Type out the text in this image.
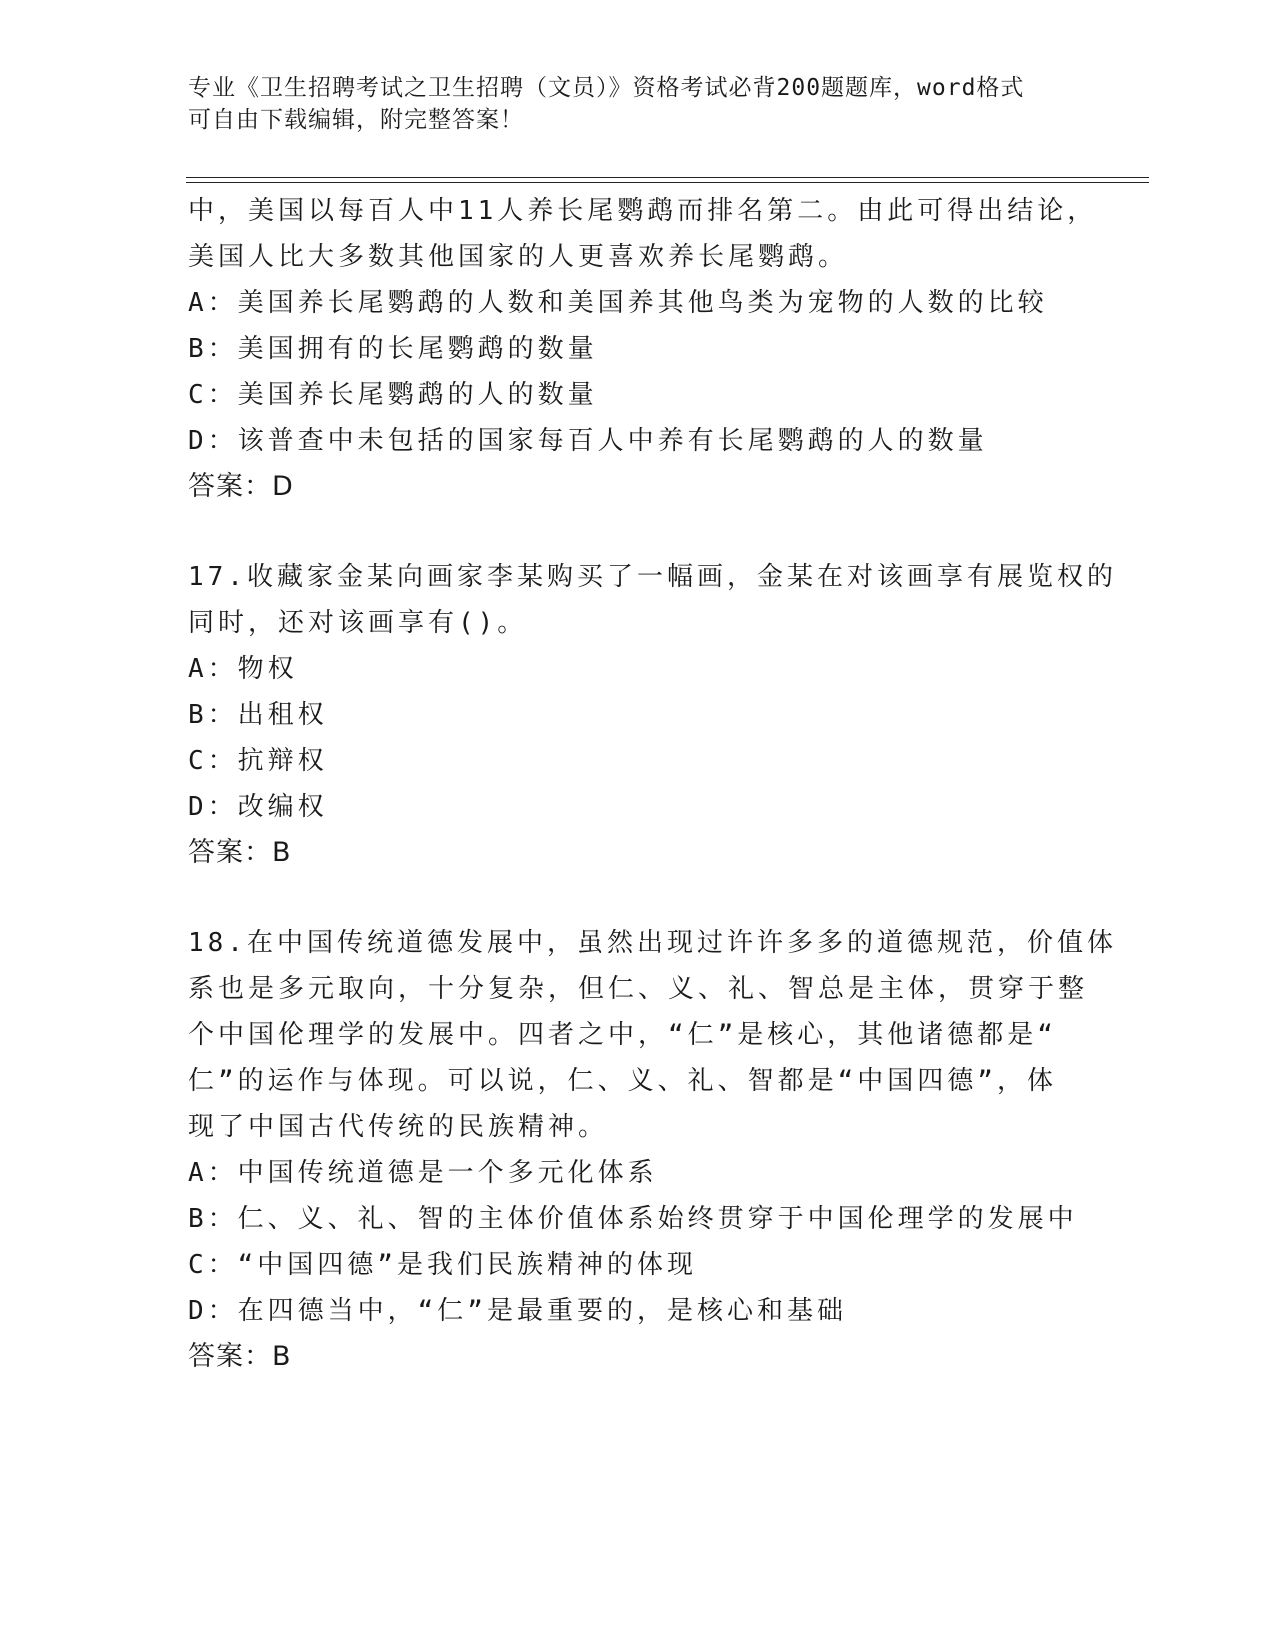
专业《卫生招聘考试之卫生招聘（文员）》资格考试必背200题题库，word格式
可自由下载编辑，附完整答案！
中，美国以每百人中11人养长尾鹦鹉而排名第二。由此可得出结论，
美国人比大多数其他国家的人更喜欢养长尾鹦鹉。
A：美国养长尾鹦鹉的人数和美国养其他鸟类为宠物的人数的比较
B：美国拥有的长尾鹦鹉的数量
C：美国养长尾鹦鹉的人的数量
D：该普查中未包括的国家每百人中养有长尾鹦鹉的人的数量
答案：D
17.收藏家金某向画家李某购买了一幅画，金某在对该画享有展览权的
同时，还对该画享有()。
A：物权
B：出租权
C：抗辩权
D：改编权
答案：B
18.在中国传统道德发展中，虽然出现过许许多多的道德规范，价值体
系也是多元取向，十分复杂，但仁、义、礼、智总是主体，贯穿于整
个中国伦理学的发展中。四者之中，“仁”是核心，其他诸德都是“
仁”的运作与体现。可以说，仁、义、礼、智都是“中国四德”，体
现了中国古代传统的民族精神。
A：中国传统道德是一个多元化体系
B：仁、义、礼、智的主体价值体系始终贯穿于中国伦理学的发展中
C：“中国四德”是我们民族精神的体现
D：在四德当中，“仁”是最重要的，是核心和基础
答案：B
